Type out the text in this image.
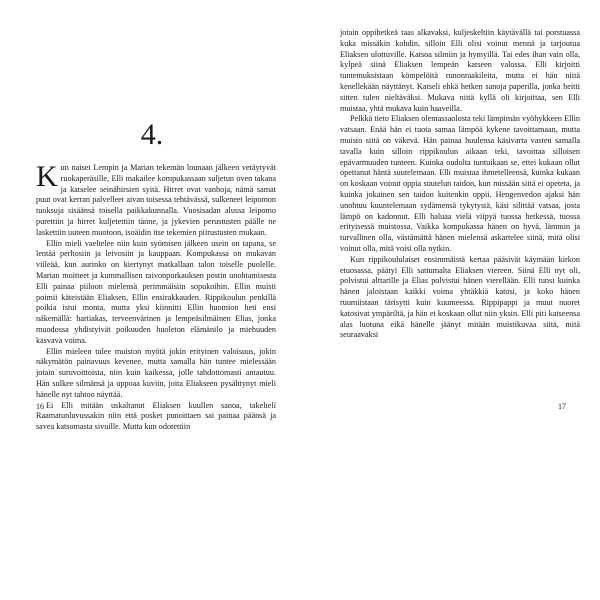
4.

Kun naiset Lempin ja Marian tekemän lounaan jälkeen vetäytyvät ruokaperäsille, Elli makailee kompukassaan suljetun oven takana ja katselee seinähirsien syitä. Hirret ovat vanhoja, nämä samat puut ovat kerran palvelleet aivan toisessa tehtävässä, sulkeneet leipomon tuoksuja sisäänsä toisella paikkakunnalla. Vuosisadan alussa leipomo purettiin ja hirret kuljetettiin tänne, ja jykevien perustusten päälle ne laskettiin uuteen muotoon, isoäidin itse tekemien piirustusten mukaan.

Ellin mieli vaeltelee niin kuin syömisen jälkeen usein on tapana, se lentää perhosiin ja leivosiin ja kauppaan. Kompukassa on mukavan viileää, kun aurinko on kiertynyt matkallaan talon toiselle puolelle. Marian moitteet ja kummallisen raivonpurkauksen postin unohtamisesta Elli painaa piiloon mielensä perimmäisiin sopukoihin. Ellin muisti poimii käteistään Eliaksen, Ellin ensirakkauden. Rippikoulun penkillä poikia istui monta, mutta yksi kiinnitti Ellin huomion heti ensi näkemällä: hartiakas, terveenvärinen ja lempeäsilmäinen Elias, jonka muodossa yhdistyivät poikuuden huoleton elämänilo ja miehuuden kasvava voima.

Ellin mieleen tulee muiston myötä jokin erityinen valoisuus, jokin näkymätön painavuus kevenee, mutta samalla hän tuntee mielessään jotain suruvoittoista, niin kuin kaikessa, jolle tahdottomasti antautuu. Hän sulkee silmänsä ja uppoaa kuviin, joita Eliakseen pysähtynyt mieli hänelle nyt tahtoo näyttää.

Ei Elli mitään uskaltanut Eliaksen kuullen sanoa, takeltelí Raamatunluvussakin niin että posket punoittaen sai painaa päänsä ja savea katsomasta sivuille. Mutta kun odotettiin

16

jotain oppihetkeä taas alkavaksi, kuljeskeltiin käytävällä tai porstuassa kuka missäkin kohdin, silloin Elli olisi voinut mennä ja tarjoutua Eliaksen ulottuville. Katsoa silmiin ja hymyillä. Tai edes ihan vain olla, kylpeä siinä Eliaksen lempeän katseen valossa. Elli kirjoitti tuntemuksistaan kömpelöitä runonraakileita, mutta ei hän niitä kenellekään näyttänyt. Katseli ehkä hetken sanoja paperilla, jonka heitti sitten tulen nieltäväksi. Mukava niitä kyllä oli kirjoittaa, sen Elli muistaa, yhtä mukava kuin haaveilla.

Pelkkä tieto Eliaksen olemassaolosta teki lämpimän vyöhykkeen Ellin vatsaan. Enää hän ei tuota samaa lämpöä kykene tavoittamaan, mutta muisto siitä on väkevä. Hän painaa huulensa käsivarta vasten samalla tavalla kuin silloin rippikoulun aikaan teki, tavoittaa silloisen epävarmuuden tunteen. Kuinka oudolta tuntuikaan se, ettei kukaan ollut opettanut häntä suutelemaan. Elli muistaa ihmetelleensä, kuinka kukaan on koskaan voinut oppia suutelun taidon, kun missään siitä ei opeteta, ja kuinka jokainen sen taidon kuitenkin oppii. Hengenvedon ajaksi hän unohtuu kuuntelemaan sydämensä tykytystä, käsi silittää vatsaa, josta lämpö on kadonnut. Elli haluaa vielä viipyä tuossa hetkessä, tuossa erityisessä muistossa. Vaikka kompukassa hänen on hyvä, lämmin ja turvallinen olla, västämättä hänen mielensä askartelee siinä, mitä olisi voinut olla, mitä voisi olla nytkin.

Kun rippikoululaiset ensimmäistä kertaa pääsivät käymään kirkon etuosassa, päätyi Elli sattumalta Eliaksen viereen. Siinä Elli nyt oli, polvistui alttarille ja Elias polvistui hänen vierellään. Elli tunsi kuinka hänen jaloistaan kaikki voima yhtäkkiä katosi, ja koko hänen ruumiistaan tärisytti kuin kuumeessa. Rippipappi ja muut nuoret katosivat ympäriltä, ja hän ei koskaan ollut niin yksin. Elli piti katseensa alas luotuna eikä hänelle jäänyt mitään muistikuvaa siitä, mitä seuraavaksi

17
